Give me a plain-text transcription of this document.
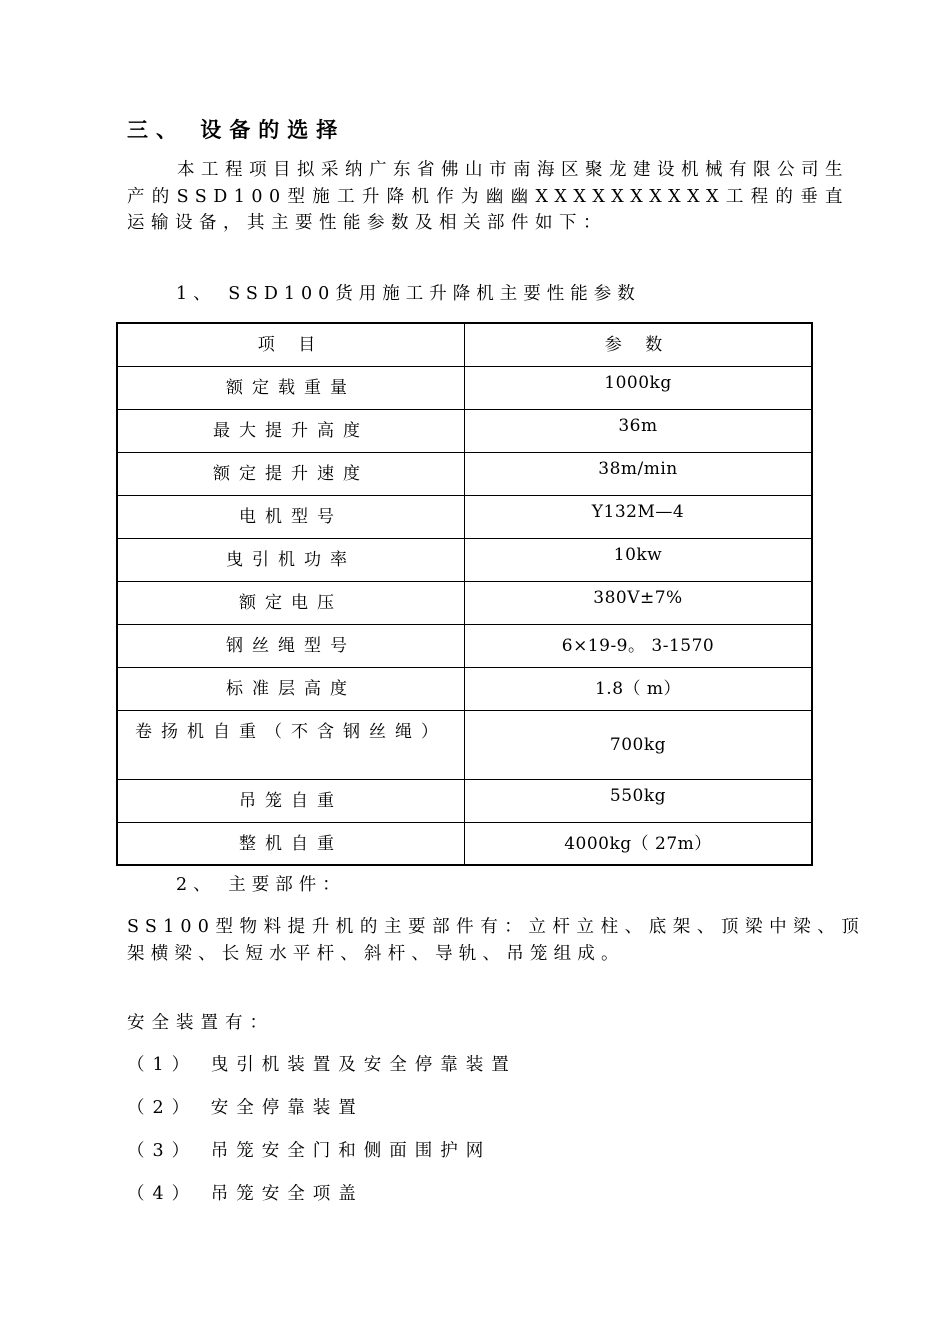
三、 设备的选择

本工程项目拟采纳广东省佛山市南海区聚龙建设机械有限公司生产的SSD100型施工升降机作为幽幽XXXXXXXXXX工程的垂直运输设备，其主要性能参数及相关部件如下：

1、 SSD100货用施工升降机主要性能参数

项 目	参 数
额定载重量	1000kg
最大提升高度	36m
额定提升速度	38m/min
电机型号	Y132M—4
曳引机功率	10kw
额定电压	380V±7%
钢丝绳型号	6×19-9。 3-1570
标准层高度	1.8（ m）
卷扬机自重（不含钢丝绳）	700kg
吊笼自重	550kg
整机自重	4000kg（ 27m）

2、 主要部件：

SS100型物料提升机的主要部件有：立杆立柱、底架、顶梁中梁、顶架横梁、长短水平杆、斜杆、导轨、吊笼组成。

安全装置有：

（1） 曳引机装置及安全停靠装置
（2） 安全停靠装置
（3） 吊笼安全门和侧面围护网
（4） 吊笼安全项盖
